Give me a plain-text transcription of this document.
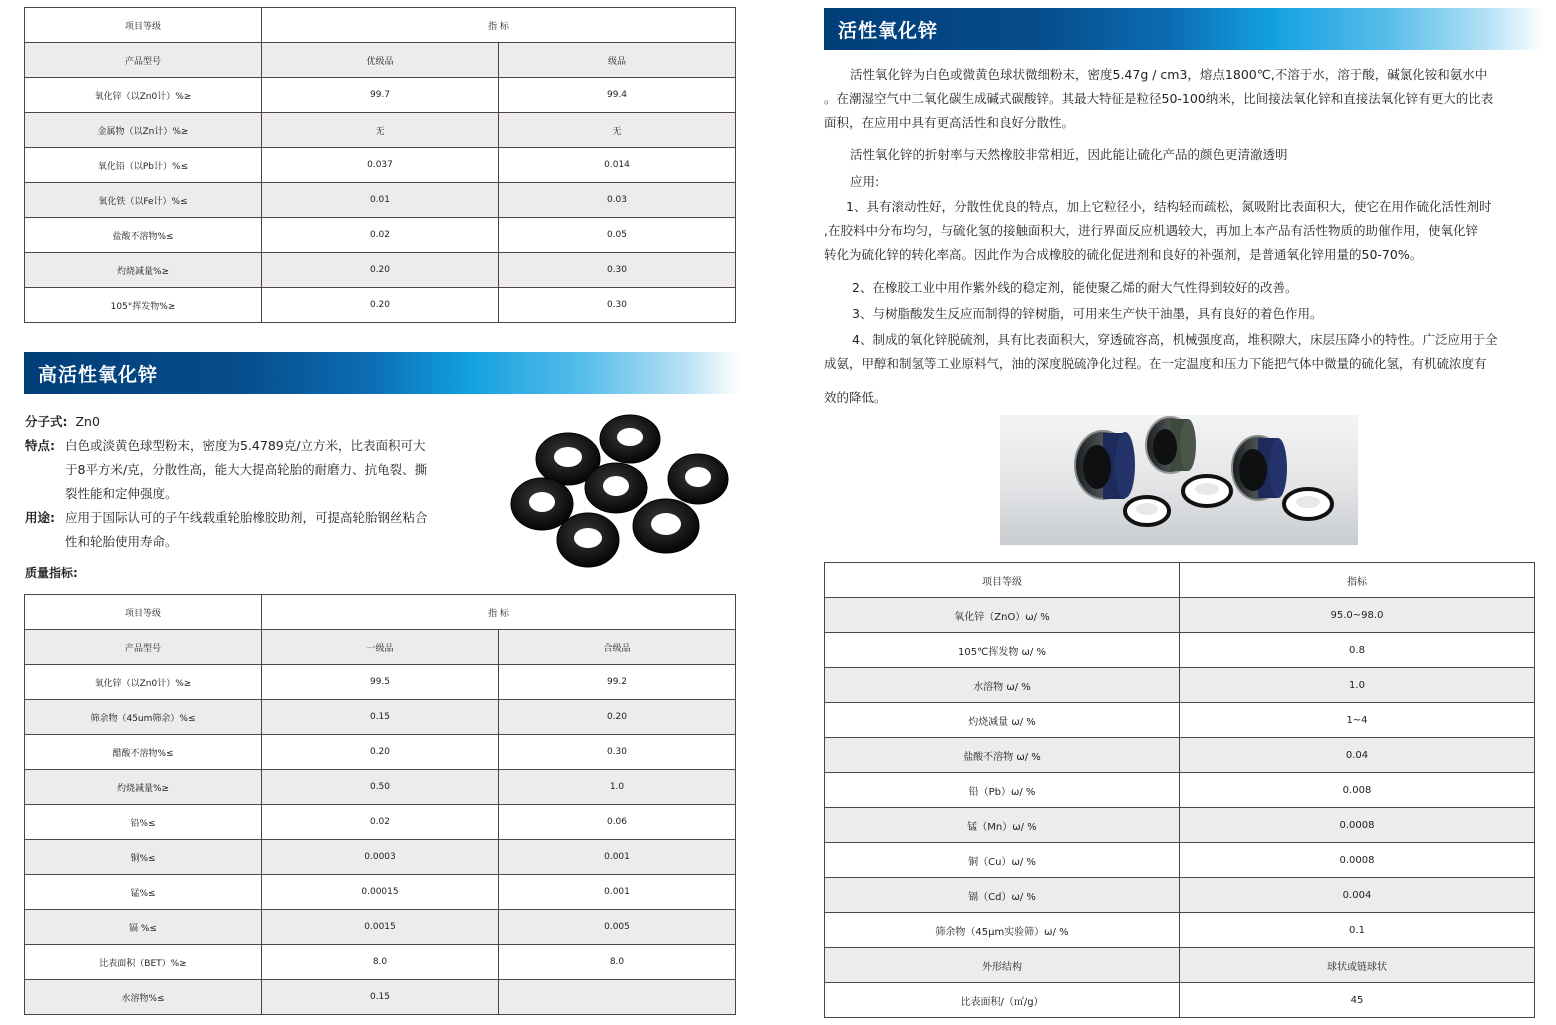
项目等级	指 标	
产品型号	优级品	级品
氧化锌（以Zn0计）%≥	99.7	99.4
金属物（以Zn计）%≥	无	无
氧化铅（以Pb计）%≤	0.037	0.014
氧化铁（以Fe计）%≤	0.01	0.03
盐酸不溶物%≤	0.02	0.05
灼烧减量%≥	0.20	0.30
105°挥发物%≥	0.20	0.30
高活性氧化锌
分子式: Zn0
特点: 白色或淡黄色球型粉末，密度为5.4789克/立方米，比表面积可大
于8平方米/克，分散性高，能大大提高轮胎的耐磨力、抗龟裂、撕
裂性能和定伸强度。
用途: 应用于国际认可的子午线载重轮胎橡胶助剂，可提高轮胎钢丝粘合
性和轮胎使用寿命。
质量指标:
项目等级	指 标	
产品型号	一级品	合级品
氧化锌（以Zn0计）%≥	99.5	99.2
筛余物（45um筛余）%≤	0.15	0.20
醋酸不溶物%≤	0.20	0.30
灼烧减量%≥	0.50	1.0
铅%≤	0.02	0.06
铜%≤	0.0003	0.001
锰%≤	0.00015	0.001
镉 %≤	0.0015	0.005
比表面积（BET）%≥	8.0	8.0
水溶物%≤	0.15	
活性氧化锌
活性氧化锌为白色或微黄色球状微细粉末，密度5.47g / cm3，熔点1800℃,不溶于水，溶于酸，碱氯化铵和氨水中
。在潮湿空气中二氧化碳生成碱式碳酸锌。其最大特征是粒径50-100纳米，比间接法氧化锌和直接法氧化锌有更大的比表
面积，在应用中具有更高活性和良好分散性。
活性氧化锌的折射率与天然橡胶非常相近，因此能让硫化产品的颜色更清澈透明
应用:
1、具有滚动性好，分散性优良的特点，加上它粒径小，结构轻而疏松，氮吸附比表面积大，使它在用作硫化活性剂时
,在胶料中分布均匀，与硫化氢的接触面积大，进行界面反应机遇较大，再加上本产品有活性物质的助催作用，使氧化锌
转化为硫化锌的转化率高。因此作为合成橡胶的硫化促进剂和良好的补强剂，是普通氧化锌用量的50-70%。
2、在橡胶工业中用作紫外线的稳定剂，能使聚乙烯的耐大气性得到较好的改善。
3、与树脂酸发生反应而制得的锌树脂，可用来生产快干油墨，具有良好的着色作用。
4、制成的氧化锌脱硫剂，具有比表面积大，穿透硫容高，机械强度高，堆积隙大，床层压降小的特性。广泛应用于全
成氨，甲醇和制氢等工业原料气，油的深度脱硫净化过程。在一定温度和压力下能把气体中微量的硫化氢，有机硫浓度有
效的降低。
项目等级	指标
氧化锌（ZnO）ω/ %	95.0~98.0
105℃挥发物 ω/ %	0.8
水溶物 ω/ %	1.0
灼烧减量 ω/ %	1~4
盐酸不溶物 ω/ %	0.04
铅（Pb）ω/ %	0.008
锰（Mn）ω/ %	0.0008
铜（Cu）ω/ %	0.0008
镉（Cd）ω/ %	0.004
筛余物（45μm实验筛）ω/ %	0.1
外形结构	球状或链球状
比表面积/（㎡/g）	45
